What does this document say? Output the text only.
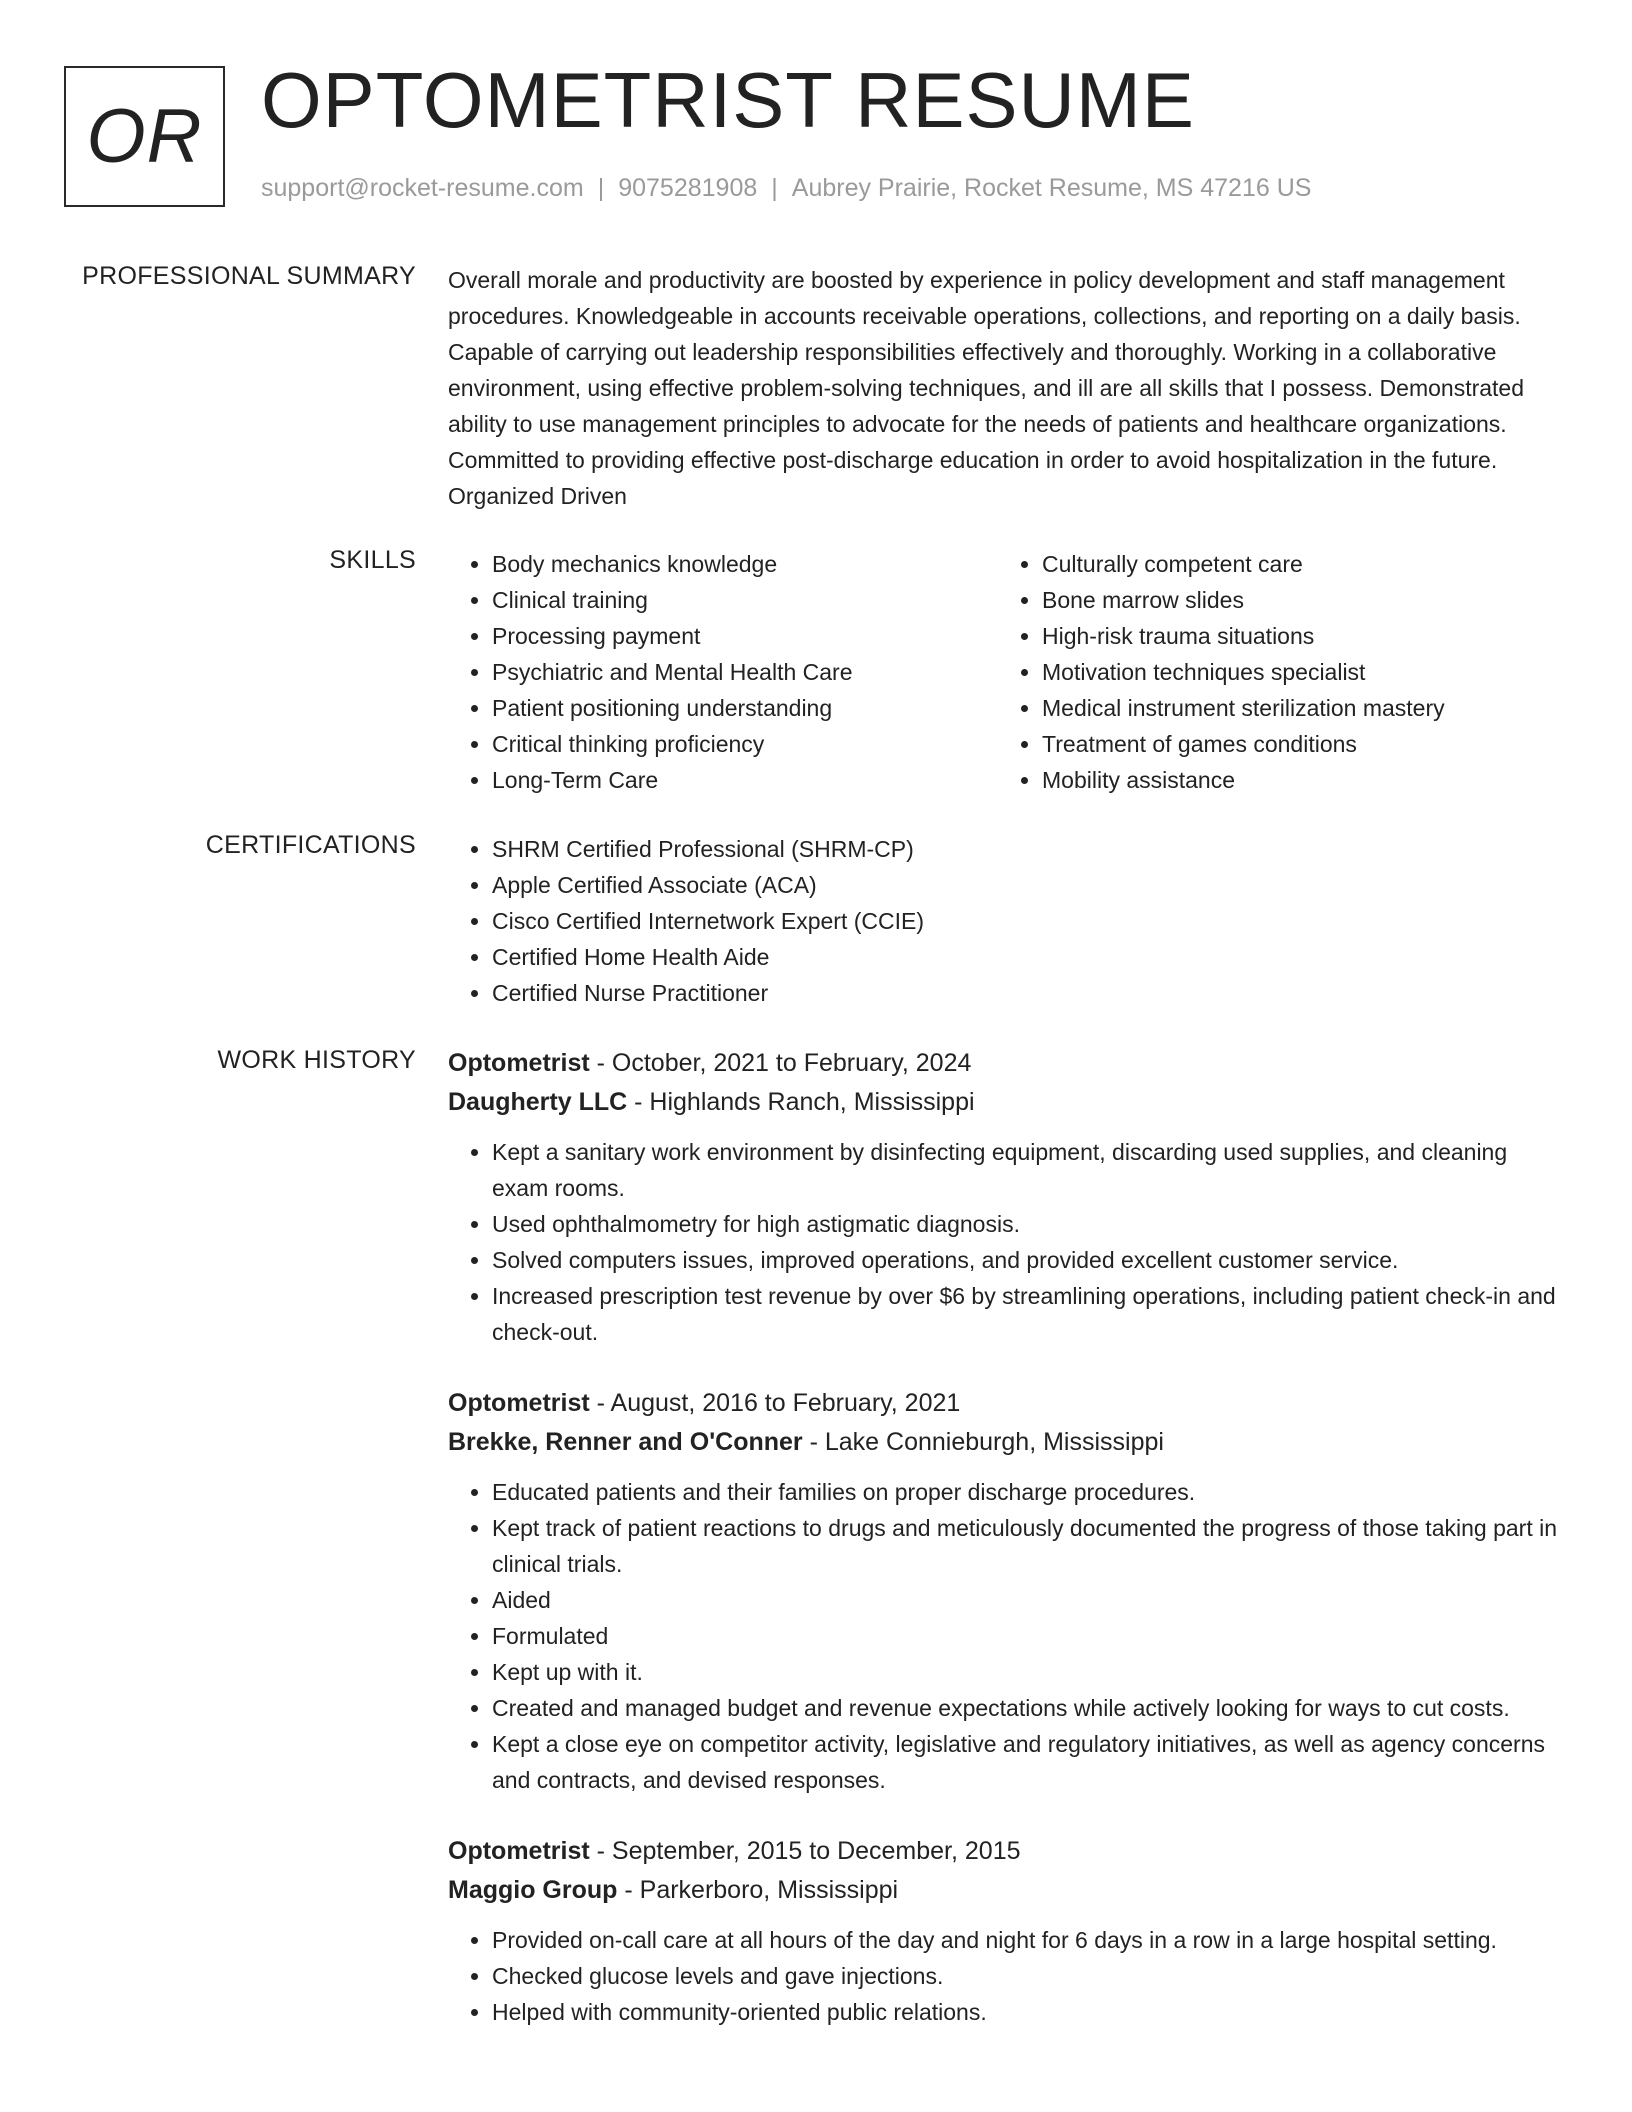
OR OPTOMETRIST RESUME
support@rocket-resume.com | 9075281908 | Aubrey Prairie, Rocket Resume, MS 47216 US
PROFESSIONAL SUMMARY Overall morale and productivity are boosted by experience in policy development and staff management procedures. Knowledgeable in accounts receivable operations, collections, and reporting on a daily basis. Capable of carrying out leadership responsibilities effectively and thoroughly. Working in a collaborative environment, using effective problem-solving techniques, and ill are all skills that I possess. Demonstrated ability to use management principles to advocate for the needs of patients and healthcare organizations. Committed to providing effective post-discharge education in order to avoid hospitalization in the future. Organized Driven

SKILLS	• Body mechanics knowledge
• Clinical training
• Processing payment
• Psychiatric and Mental Health Care
• Patient positioning understanding
• Critical thinking proficiency
• Long-Term Care
• Culturally competent care
• Bone marrow slides
• High-risk trauma situations
• Motivation techniques specialist
• Medical instrument sterilization mastery
• Treatment of games conditions
• Mobility assistance
CERTIFICATIONS	• SHRM Certified Professional (SHRM-CP)
• Apple Certified Associate (ACA)
• Cisco Certified Internetwork Expert (CCIE)
• Certified Home Health Aide
• Certified Nurse Practitioner
WORK HISTORY Optometrist - October, 2021 to February, 2024
Daugherty LLC - Highlands Ranch, Mississippi
• Kept a sanitary work environment by disinfecting equipment, discarding used supplies, and cleaning exam rooms.
• Used ophthalmometry for high astigmatic diagnosis.
• Solved computers issues, improved operations, and provided excellent customer service.
• Increased prescription test revenue by over $6 by streamlining operations, including patient check-in and check-out.
Optometrist - August, 2016 to February, 2021
Brekke, Renner and O'Conner - Lake Connieburgh, Mississippi
• Educated patients and their families on proper discharge procedures.
• Kept track of patient reactions to drugs and meticulously documented the progress of those taking part in clinical trials.
• Aided
• Formulated
• Kept up with it.
• Created and managed budget and revenue expectations while actively looking for ways to cut costs.
• Kept a close eye on competitor activity, legislative and regulatory initiatives, as well as agency concerns and contracts, and devised responses.
Optometrist - September, 2015 to December, 2015
Maggio Group - Parkerboro, Mississippi
• Provided on-call care at all hours of the day and night for 6 days in a row in a large hospital setting.
• Checked glucose levels and gave injections.
• Helped with community-oriented public relations.
